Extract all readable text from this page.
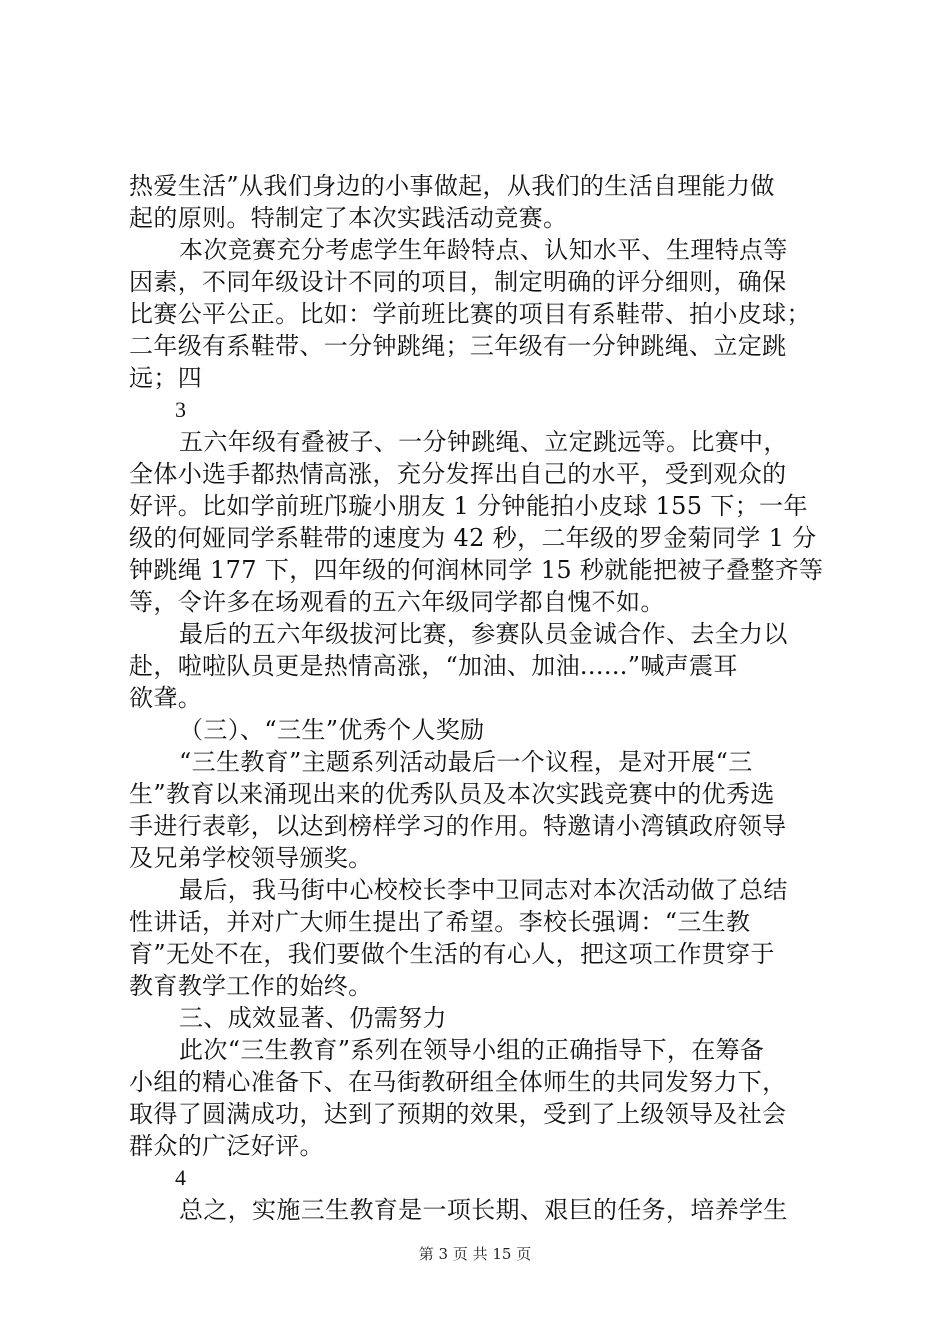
热爱生活”从我们身边的小事做起，从我们的生活自理能力做
起的原则。特制定了本次实践活动竞赛。
本次竞赛充分考虑学生年龄特点、认知水平、生理特点等
因素，不同年级设计不同的项目，制定明确的评分细则，确保
比赛公平公正。比如：学前班比赛的项目有系鞋带、拍小皮球；
二年级有系鞋带、一分钟跳绳；三年级有一分钟跳绳、立定跳
远；四
3
五六年级有叠被子、一分钟跳绳、立定跳远等。比赛中，
全体小选手都热情高涨，充分发挥出自己的水平，受到观众的
好评。比如学前班邝璇小朋友 1 分钟能拍小皮球 155 下；一年
级的何娅同学系鞋带的速度为 42 秒，二年级的罗金菊同学 1 分
钟跳绳 177 下，四年级的何润林同学 15 秒就能把被子叠整齐等
等，令许多在场观看的五六年级同学都自愧不如。
最后的五六年级拔河比赛，参赛队员金诚合作、去全力以
赴，啦啦队员更是热情高涨，“加油、加油......”喊声震耳
欲聋。
（三）、“三生”优秀个人奖励
“三生教育”主题系列活动最后一个议程，是对开展“三
生”教育以来涌现出来的优秀队员及本次实践竞赛中的优秀选
手进行表彰，以达到榜样学习的作用。特邀请小湾镇政府领导
及兄弟学校领导颁奖。
最后，我马街中心校校长李中卫同志对本次活动做了总结
性讲话，并对广大师生提出了希望。李校长强调：“三生教
育”无处不在，我们要做个生活的有心人，把这项工作贯穿于
教育教学工作的始终。
三、成效显著、仍需努力
此次“三生教育”系列在领导小组的正确指导下，在筹备
小组的精心准备下、在马街教研组全体师生的共同发努力下，
取得了圆满成功，达到了预期的效果，受到了上级领导及社会
群众的广泛好评。
4
总之，实施三生教育是一项长期、艰巨的任务，培养学生
第 3 页 共 15 页
